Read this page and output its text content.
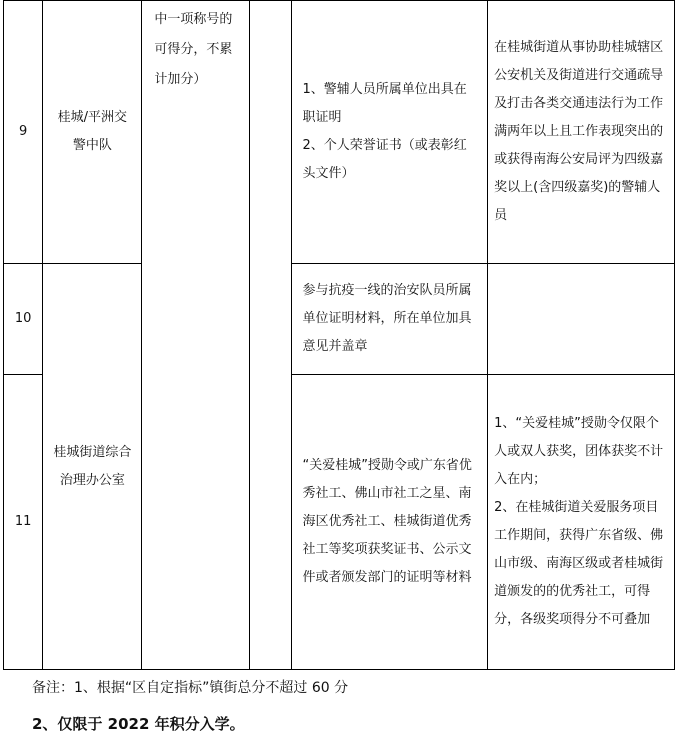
9	桂城/平洲交警中队	中一项称号的可得分，不累计加分）		1、警辅人员所属单位出具在职证明
2、个人荣誉证书（或表彰红头文件）	在桂城街道从事协助桂城辖区公安机关及街道进行交通疏导及打击各类交通违法行为工作满两年以上且工作表现突出的或获得南海公安局评为四级嘉奖以上(含四级嘉奖)的警辅人员
10	桂城街道综合治理办公室			参与抗疫一线的治安队员所属单位证明材料，所在单位加具意见并盖章	
11				“关爱桂城”授勋令或广东省优秀社工、佛山市社工之星、南海区优秀社工、桂城街道优秀社工等奖项获奖证书、公示文件或者颁发部门的证明等材料	1、“关爱桂城”授勋令仅限个人或双人获奖，团体获奖不计入在内；
2、在桂城街道关爱服务项目工作期间，获得广东省级、佛山市级、南海区级或者桂城街道颁发的的优秀社工，可得分，各级奖项得分不可叠加

备注：1、根据“区自定指标”镇街总分不超过 60 分

2、仅限于 2022 年积分入学。
